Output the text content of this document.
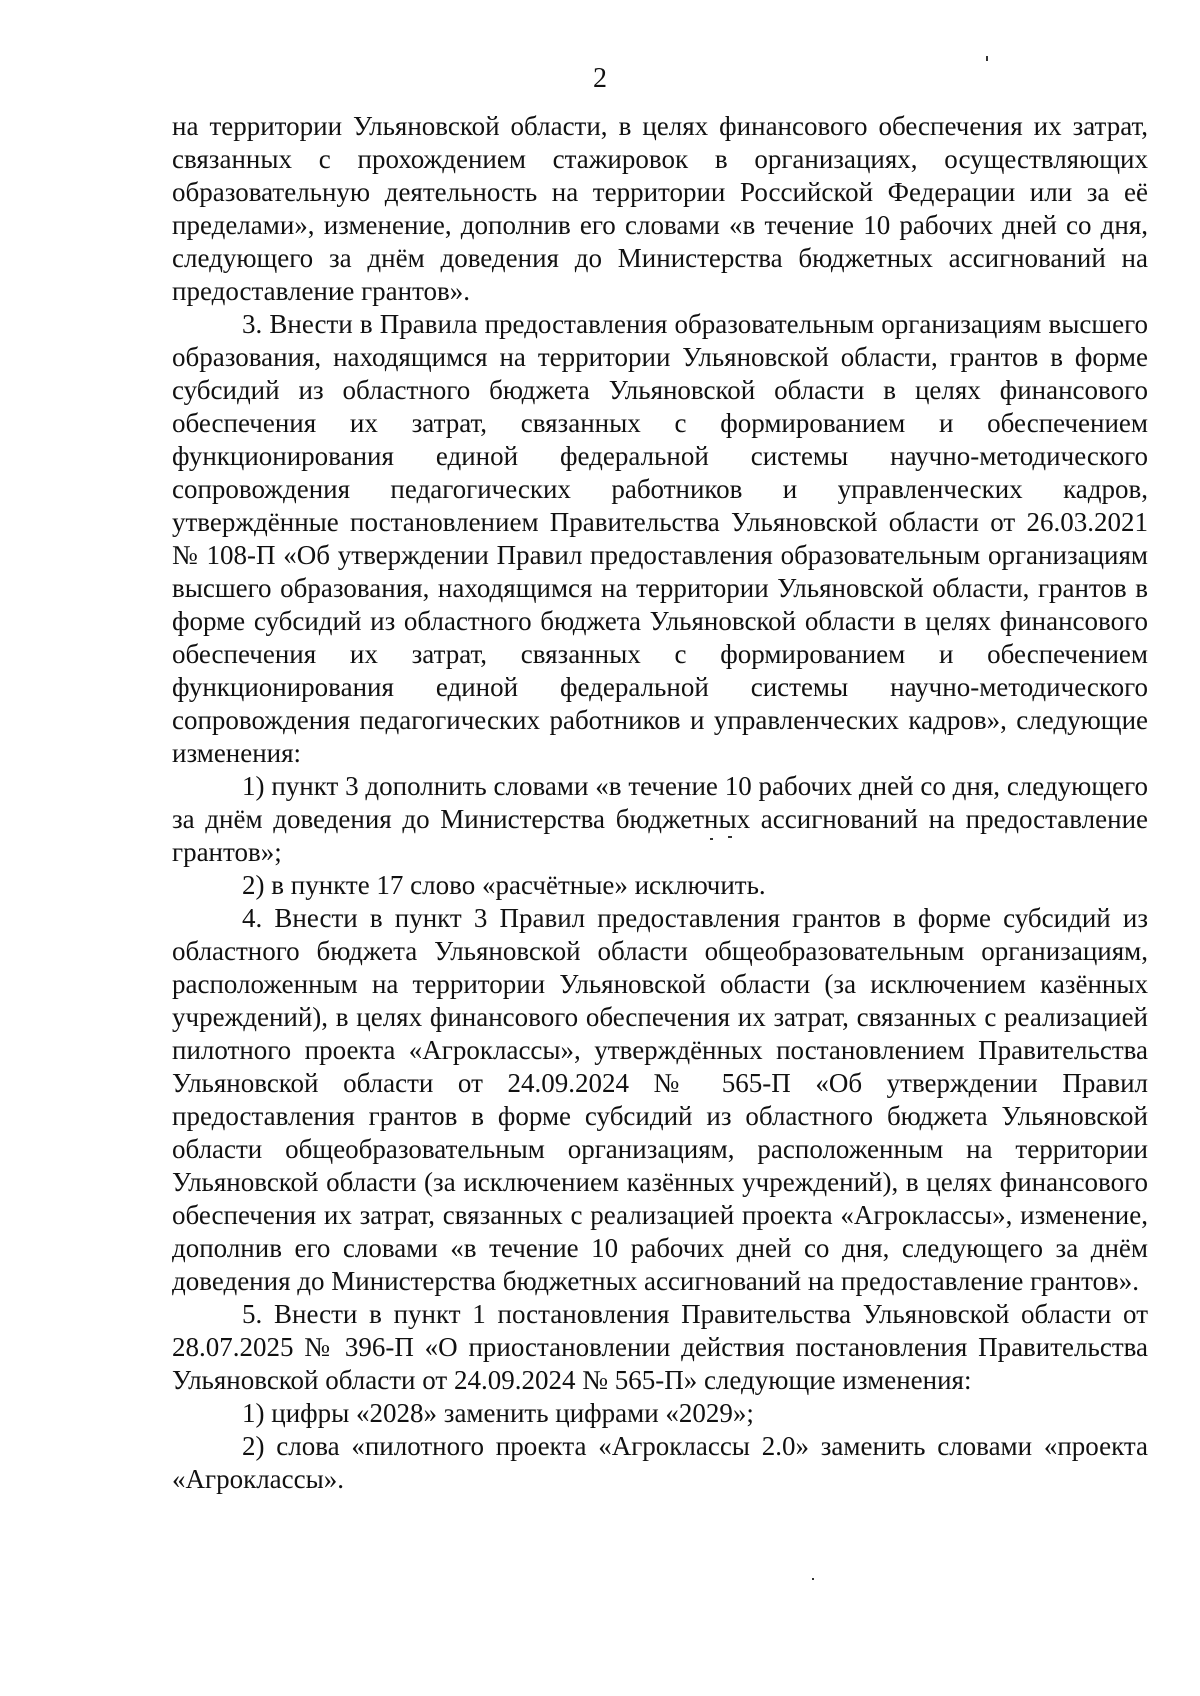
2

на территории Ульяновской области, в целях финансового обеспечения их затрат, связанных с прохождением стажировок в организациях, осуществляющих образовательную деятельность на территории Российской Федерации или за её пределами», изменение, дополнив его словами «в течение 10 рабочих дней со дня, следующего за днём доведения до Министерства бюджетных ассигнований на предоставление грантов».

3. Внести в Правила предоставления образовательным организациям высшего образования, находящимся на территории Ульяновской области, грантов в форме субсидий из областного бюджета Ульяновской области в целях финансового обеспечения их затрат, связанных с формированием и обеспечением функционирования единой федеральной системы научно-методического сопровождения педагогических работников и управленческих кадров, утверждённые постановлением Правительства Ульяновской области от 26.03.2021 № 108-П «Об утверждении Правил предоставления образовательным организациям высшего образования, находящимся на территории Ульяновской области, грантов в форме субсидий из областного бюджета Ульяновской области в целях финансового обеспечения их затрат, связанных с формированием и обеспечением функционирования единой федеральной системы научно-методического сопровождения педагогических работников и управленческих кадров», следующие изменения:

1) пункт 3 дополнить словами «в течение 10 рабочих дней со дня, следующего за днём доведения до Министерства бюджетных ассигнований на предоставление грантов»;

2) в пункте 17 слово «расчётные» исключить.

4. Внести в пункт 3 Правил предоставления грантов в форме субсидий из областного бюджета Ульяновской области общеобразовательным организациям, расположенным на территории Ульяновской области (за исключением казённых учреждений), в целях финансового обеспечения их затрат, связанных с реализацией пилотного проекта «Агроклассы», утверждённых постановлением Правительства Ульяновской области от 24.09.2024 № 565-П «Об утверждении Правил предоставления грантов в форме субсидий из областного бюджета Ульяновской области общеобразовательным организациям, расположенным на территории Ульяновской области (за исключением казённых учреждений), в целях финансового обеспечения их затрат, связанных с реализацией проекта «Агроклассы», изменение, дополнив его словами «в течение 10 рабочих дней со дня, следующего за днём доведения до Министерства бюджетных ассигнований на предоставление грантов».

5. Внести в пункт 1 постановления Правительства Ульяновской области от 28.07.2025 № 396-П «О приостановлении действия постановления Правительства Ульяновской области от 24.09.2024 № 565-П» следующие изменения:

1) цифры «2028» заменить цифрами «2029»;

2) слова «пилотного проекта «Агроклассы 2.0» заменить словами «проекта «Агроклассы».
